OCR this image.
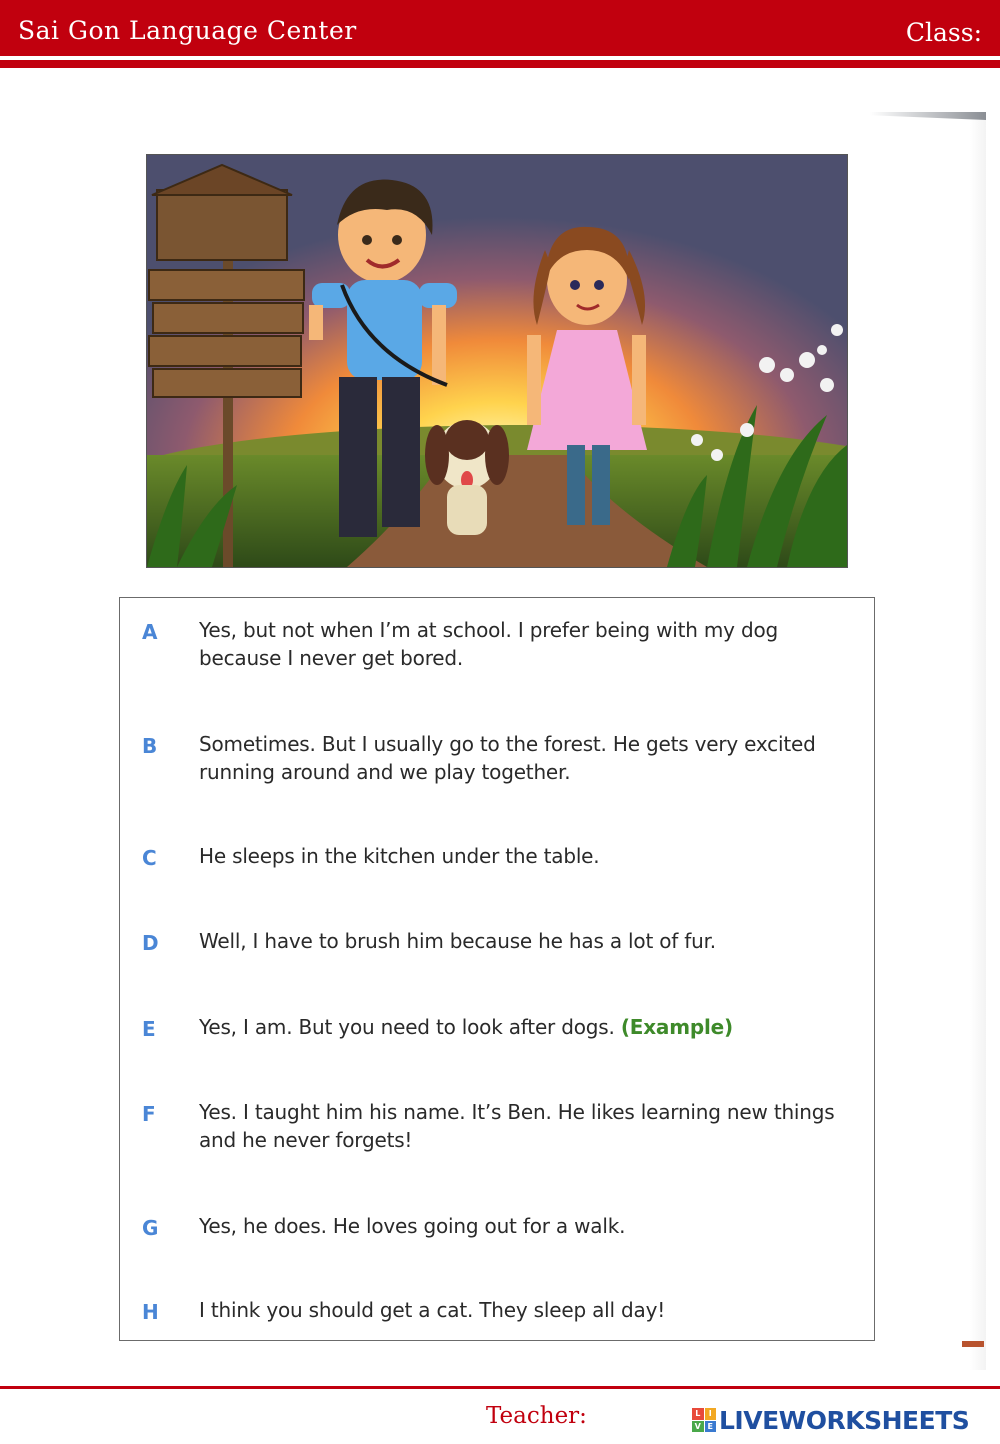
Sai Gon Language Center	Class:
A Yes, but not when I’m at school. I prefer being with my dog because I never get bored.
B Sometimes. But I usually go to the forest. He gets very excited running around and we play together.
C He sleeps in the kitchen under the table.
D Well, I have to brush him because he has a lot of fur.
E Yes, I am. But you need to look after dogs. (Example)
F Yes. I taught him his name. It’s Ben. He likes learning new things and he never forgets!
G Yes, he does. He loves going out for a walk.
H I think you should get a cat. They sleep all day!
Teacher:	L	I
V E LIVEWORKSHEETS
